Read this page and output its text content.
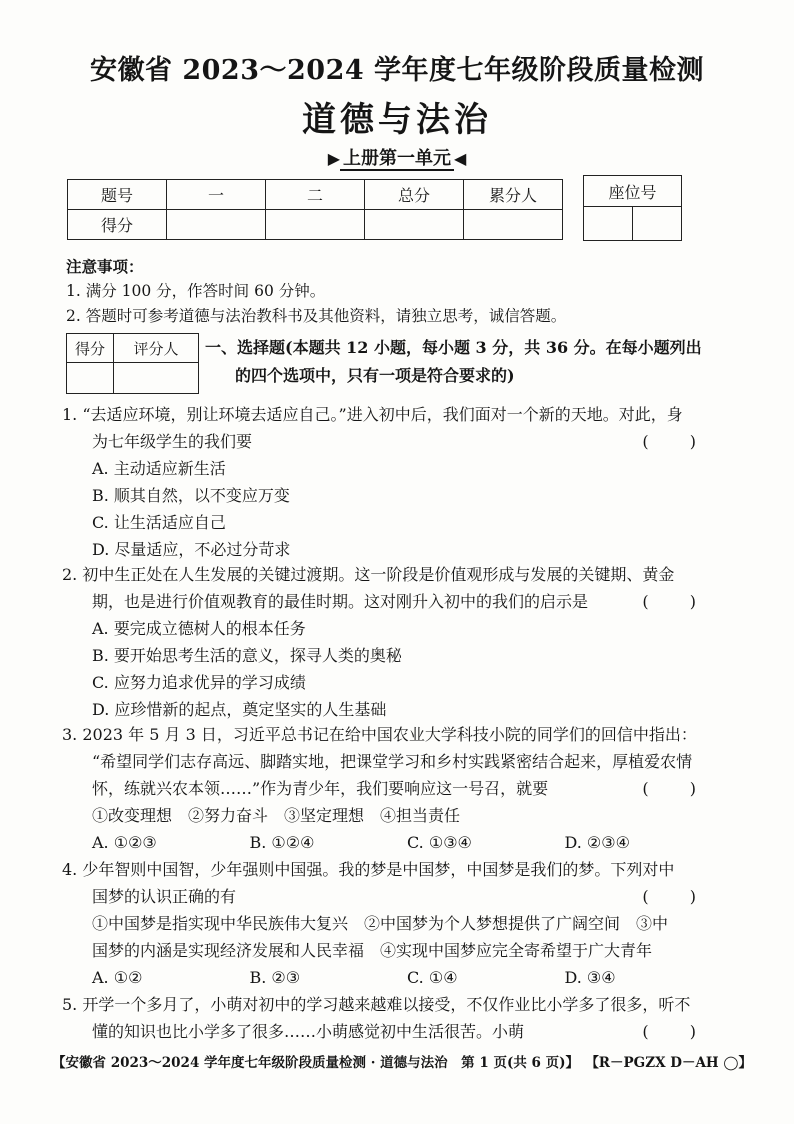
安徽省 2023～2024 学年度七年级阶段质量检测
道德与法治
▶ 上册第一单元 ◀
题号	一	二	总分	累分人
得分				
座位号

注意事项：
1. 满分 100 分，作答时间 60 分钟。
2. 答题时可参考道德与法治教科书及其他资料，请独立思考，诚信答题。
得分	评分人
	一、选择题(本题共 12 小题，每小题 3 分，共 36 分。在每小题列出
的四个选项中，只有一项是符合要求的)
1. “去适应环境，别让环境去适应自己。”进入初中后，我们面对一个新的天地。对此，身
为七年级学生的我们要	( )
A. 主动适应新生活
B. 顺其自然，以不变应万变
C. 让生活适应自己
D. 尽量适应，不必过分苛求
2. 初中生正处在人生发展的关键过渡期。这一阶段是价值观形成与发展的关键期、黄金
期，也是进行价值观教育的最佳时期。这对刚升入初中的我们的启示是	( )
A. 要完成立德树人的根本任务
B. 要开始思考生活的意义，探寻人类的奥秘
C. 应努力追求优异的学习成绩
D. 应珍惜新的起点，奠定坚实的人生基础
3. 2023 年 5 月 3 日，习近平总书记在给中国农业大学科技小院的同学们的回信中指出：
“希望同学们志存高远、脚踏实地，把课堂学习和乡村实践紧密结合起来，厚植爱农情
怀，练就兴农本领……”作为青少年，我们要响应这一号召，就要	( )
①改变理想　②努力奋斗　③坚定理想　④担当责任
A. ①②③	B. ①②④	C. ①③④	D. ②③④
4. 少年智则中国智，少年强则中国强。我的梦是中国梦，中国梦是我们的梦。下列对中
国梦的认识正确的有	( )
①中国梦是指实现中华民族伟大复兴　②中国梦为个人梦想提供了广阔空间　③中
国梦的内涵是实现经济发展和人民幸福　④实现中国梦应完全寄希望于广大青年
A. ①②	B. ②③	C. ①④	D. ③④
5. 开学一个多月了，小萌对初中的学习越来越难以接受，不仅作业比小学多了很多，听不
懂的知识也比小学多了很多……小萌感觉初中生活很苦。小萌	( )
【安徽省 2023～2024 学年度七年级阶段质量检测 · 道德与法治　第 1 页(共 6 页)】 【R－PGZX D－AH ◯】
